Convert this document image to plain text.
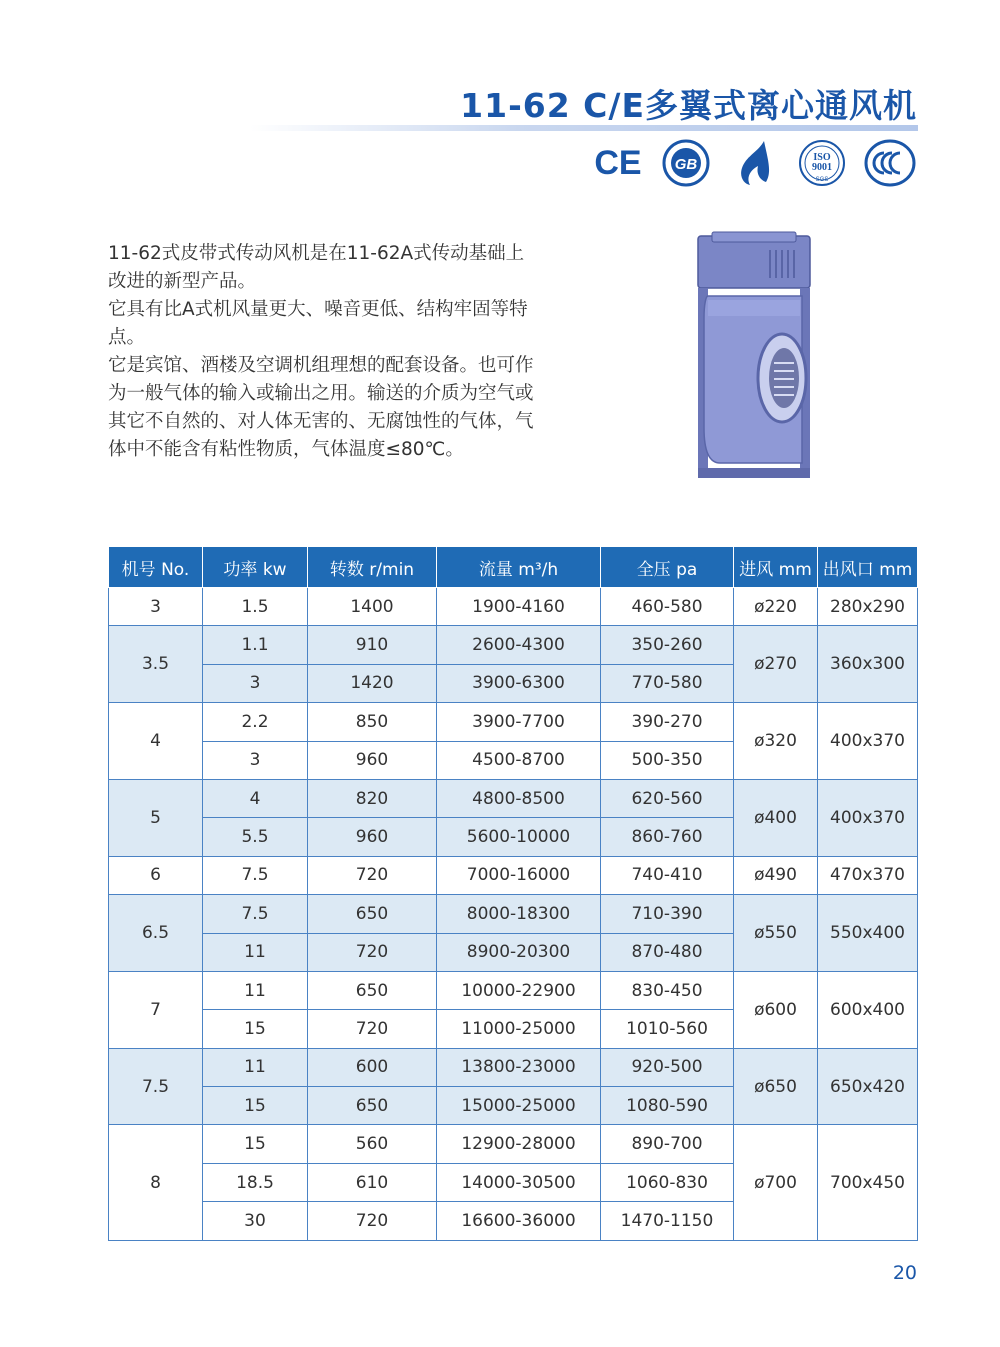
11-62 C/E多翼式离心通风机
CE GB	ISO
9001
SGS

11-62式皮带式传动风机是在11-62A式传动基础上改进的新型产品。

它具有比A式机风量更大、噪音更低、结构牢固等特点。

它是宾馆、酒楼及空调机组理想的配套设备。也可作为一般气体的输入或输出之用。输送的介质为空气或其它不自然的、对人体无害的、无腐蚀性的气体，气体中不能含有粘性物质，气体温度≤80℃。

机号 No.	功率 kw	转数 r/min	流量 m³/h	全压 pa	进风 mm	出风口 mm
3	1.5	1400	1900-4160	460-580	ø220	280x290
3.5	1.1	910	2600-4300	350-260	ø270	360x300
	3	1420	3900-6300	770-580		
4	2.2	850	3900-7700	390-270	ø320	400x370
	3	960	4500-8700	500-350		
5	4	820	4800-8500	620-560	ø400	400x370
	5.5	960	5600-10000	860-760		
6	7.5	720	7000-16000	740-410	ø490	470x370
6.5	7.5	650	8000-18300	710-390	ø550	550x400
	11	720	8900-20300	870-480		
7	11	650	10000-22900	830-450	ø600	600x400
	15	720	11000-25000	1010-560		
7.5	11	600	13800-23000	920-500	ø650	650x420
	15	650	15000-25000	1080-590		
8	15	560	12900-28000	890-700	ø700	700x450
	18.5	610	14000-30500	1060-830		
	30	720	16600-36000	1470-1150		
20
